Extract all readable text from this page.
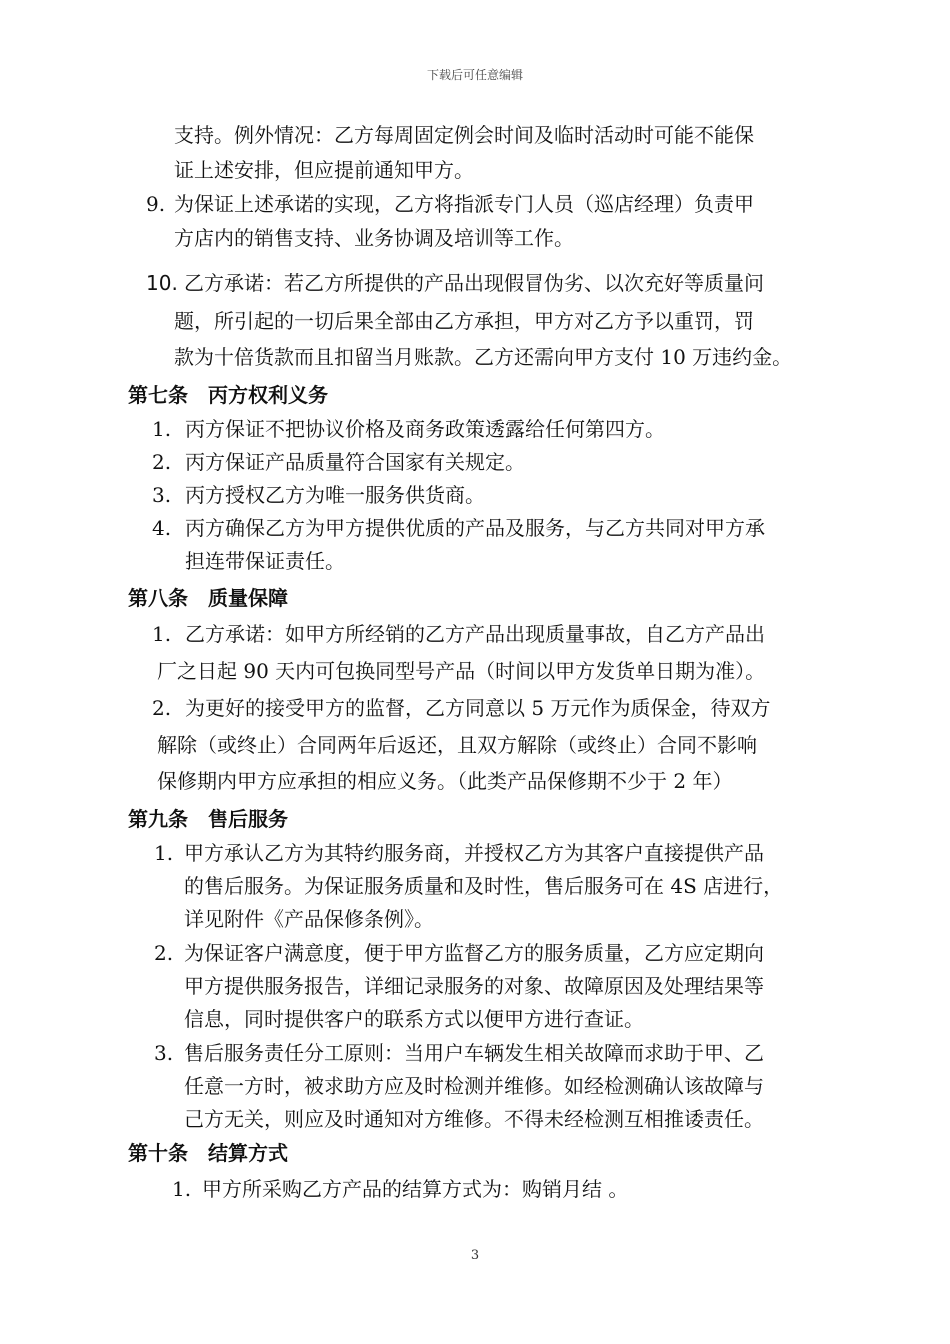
下载后可任意编辑
支持。例外情况：乙方每周固定例会时间及临时活动时可能不能保
证上述安排，但应提前通知甲方。
9. 为保证上述承诺的实现，乙方将指派专门人员（巡店经理）负责甲
方店内的销售支持、业务协调及培训等工作。
10. 乙方承诺：若乙方所提供的产品出现假冒伪劣、以次充好等质量问
题，所引起的一切后果全部由乙方承担，甲方对乙方予以重罚，罚
款为十倍货款而且扣留当月账款。乙方还需向甲方支付 10 万违约金。
第七条　丙方权利义务
1. 丙方保证不把协议价格及商务政策透露给任何第四方。
2. 丙方保证产品质量符合国家有关规定。
3. 丙方授权乙方为唯一服务供货商。
4. 丙方确保乙方为甲方提供优质的产品及服务，与乙方共同对甲方承
担连带保证责任。
第八条　质量保障
1. 乙方承诺：如甲方所经销的乙方产品出现质量事故，自乙方产品出
厂之日起 90 天内可包换同型号产品（时间以甲方发货单日期为准）。
2. 为更好的接受甲方的监督，乙方同意以 5 万元作为质保金，待双方
解除（或终止）合同两年后返还，且双方解除（或终止）合同不影响
保修期内甲方应承担的相应义务。（此类产品保修期不少于 2 年）
第九条　售后服务
1. 甲方承认乙方为其特约服务商，并授权乙方为其客户直接提供产品
的售后服务。为保证服务质量和及时性，售后服务可在 4S 店进行，
详见附件《产品保修条例》。
2. 为保证客户满意度，便于甲方监督乙方的服务质量，乙方应定期向
甲方提供服务报告，详细记录服务的对象、故障原因及处理结果等
信息，同时提供客户的联系方式以便甲方进行查证。
3. 售后服务责任分工原则：当用户车辆发生相关故障而求助于甲、乙
任意一方时，被求助方应及时检测并维修。如经检测确认该故障与
己方无关，则应及时通知对方维修。不得未经检测互相推诿责任。
第十条　结算方式
1. 甲方所采购乙方产品的结算方式为：购销月结 。
3
